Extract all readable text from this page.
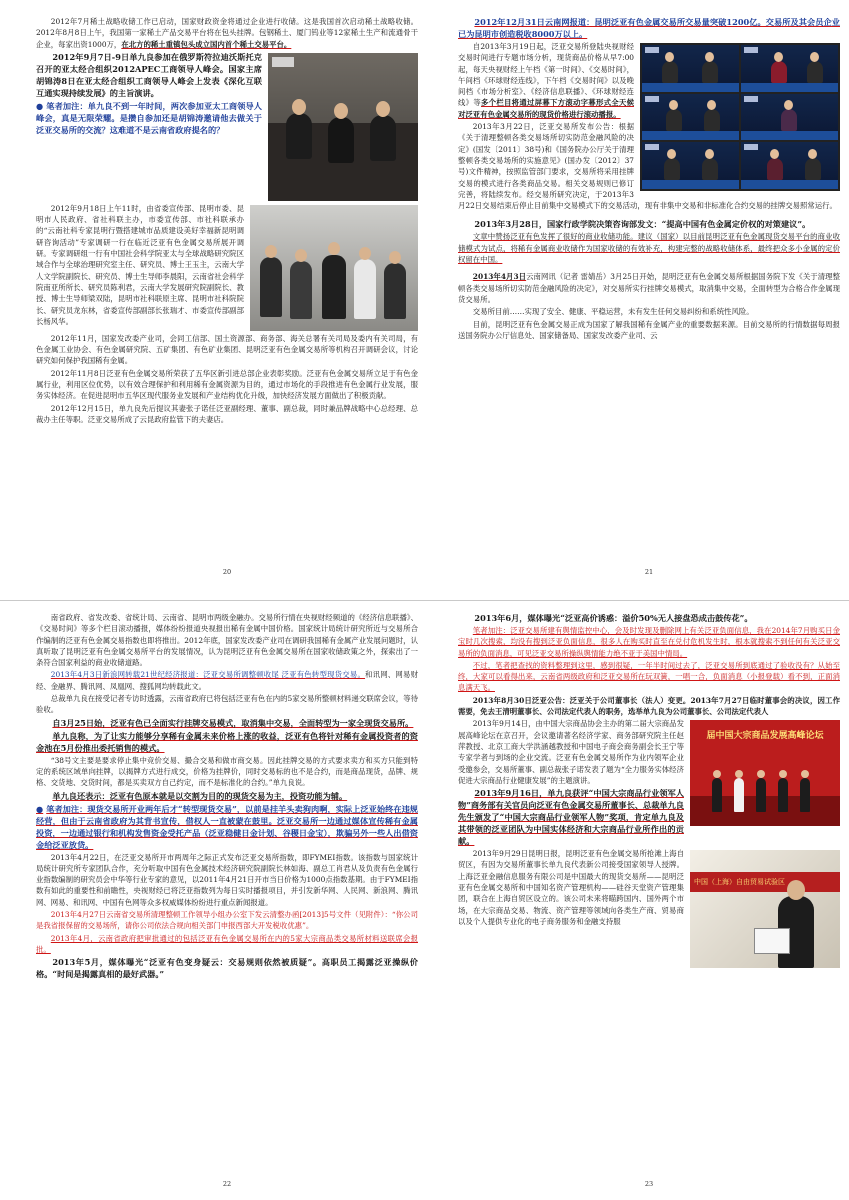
2012年7月稀土战略收储工作已启动，国家财政资金将通过企业进行收储。这是我国首次启动稀土战略收储。2012年8月8日上午，我国第一家稀土产品交易平台将在包头挂牌。包钢稀土、厦门钨业等12家稀土生产和流通骨干企业，每家出资1000万，在北方的稀土重镇包头成立国内首个稀土交易平台。

2012年9月7日-9日单九良参加在俄罗斯符拉迪沃斯托克召开的亚太经合组织2012APEC工商领导人峰会。国家主席胡锦涛8日在亚太经合组织工商领导人峰会上发表《深化互联互通实现持续发展》的主旨演讲。

● 笔者加注：单九良不到一年时间，两次参加亚太工商领导人峰会，真是无限荣耀。是攒自参加还是胡锦涛邀请他去做关于泛亚交易所的交流？这难道不是云南省政府提名的？

2012年9月18日上午11时，由省委宣传部、昆明市委、昆明市人民政府、省社科联主办，市委宣传部、市社科联承办的“云南社科专家昆明行暨搭建城市品质建设美好幸福新昆明调研咨询活动”专家调研一行在临近泛亚有色金属交易所展开调研。专家调研组一行有中国社会科学院亚太与全球战略研究院区域合作与全球治理研究室主任、研究员、博士王玉主，云南大学人文学院副院长、研究员、博士生导师李晨阳，云南省社会科学院南亚所所长、研究员陈利君，云南大学发展研究院副院长、教授、博士生导师梁双陆，昆明市社科联原主席、昆明市社科院院长、研究员龙东林，省委宣传部副部长张瑞才、市委宣传部副部长杨风华。

2012年11月，国家发改委产业司，会同工信部、国土资源部、商务部、海关总署有关司局及委内有关司局，有色金属工业协会、有色金属研究院、五矿集团、有色矿业集团、昆明泛亚有色金属交易所等机构召开调研会议，讨论研究如何保护我国稀有金属。

2012年11月8日泛亚有色金属交易所荣获了五华区新引进总部企业表彰奖励。泛亚有色金属交易所立足于有色金属行业，利用区位优势，以有效合理保护和利用稀有金属资源为目的，通过市场化的手段推进有色金属行业发展，服务实体经济。在促进昆明市五华区现代服务业发展和产业结构优化升级，加快经济发展方面做出了积极贡献。

2012年12月15日，单九良先后提议其妻张子诺任泛亚副经理、董事、副总裁，同时兼品牌战略中心总经理、总裁办主任等职。泛亚交易所成了云昆政府监管下的夫妻店。

20

2012年12月31日云南网报道：昆明泛亚有色金属交易所交易量突破1200亿。交易所及其会员企业已为昆明市创造税收8000万以上。

自2013年3月19日起，泛亚交易所登陆央视财经交易时间进行专题市场分析，现货商品价格从早7:00起，每天央视财经上午档《第一时间》、《交易时间》，午间档《环球财经连线》，下午档《交易时间》以及晚间档《市场分析室》、《经济信息联播》、《环球财经连线》等多个栏目将通过屏幕下方滚动字幕形式全天候对泛亚有色金属交易所的现货价格进行滚动播报。

2013年3月22日，泛亚交易所发布公告：根据《关于清理整顿各类交易场所切实防范金融风险的决定》(国发〔2011〕38号)和《国务院办公厅关于清理整顿各类交易场所的实施意见》(国办发〔2012〕37号)文件精神，按照监管部门要求，交易所将采用挂牌交易的模式进行各类商品交易。相关交易规则已修订完善，将陆续发布。经交易所研究决定，于2013年3月22日交易结束后停止目前集中交易模式下的交易活动，现有非集中交易和非标准化合约交易的挂牌交易照常运行。

2013年3月28日，国家行政学院决策咨询部发文：“提高中国有色金属定价权的对策建议”。

文章中赞扬泛亚有色发挥了很好的商业收储功能。建议（国家）以目前昆明泛亚有色金属现货交易平台的商业收储模式为试点，将稀有金属商业收储作为国家收储的有效补充，构建完整的战略收储体系，最终把众多小金属的定价权留在中国。

2013年4月3日云南网讯（记者 雷婧岳）3月25日开始，昆明泛亚有色金属交易所根据国务院下发《关于清理整顿各类交易场所切实防范金融风险的决定》，对交易所实行挂牌交易模式，取消集中交易，全面转型为合格合作金属现货交易所。

交易所目前……实现了安全、健康、平稳运营，未有发生任何交易纠纷和系统性风险。

目前，昆明泛亚有色金属交易正成为国家了解我国稀有金属产业的重要数据来源。目前交易所的行情数据每周报送国务院办公厅信息处、国家储备局、国家发改委产业司、云

21

南省政府、省发改委、省统计局、云南省、昆明市两级金融办。交易所行情在央视财经频道的《经济信息联播》、《交易时间》等多个栏目滚动播报，媒体纷纷报道央视报出稀有金属中国价格。国家统计局统计研究所近与交易所合作编制的泛亚有色金属交易指数也即将推出。2012年底，国家发改委产业司在调研我国稀有金属产业发展问题时，认真听取了昆明泛亚有色金属交易所平台的发展情况，认为昆明泛亚有色金属交易所在国家收储政策之外，探索出了一条符合国家利益的商业收储道路。

2013年4月3日新浪网转载21世纪经济报道：泛亚交易所调整顿收尾 泛亚有色转型现货交易。和讯网、网易财经、金融界、腾讯网、凤凰网、搜狐网均转载此文。

总裁单九良在接受记者专访时透露，云南省政府已将包括泛亚有色在内的5家交易所整顿材料递交联席会议，等待验收。

自3月25日始，泛亚有色已全面实行挂牌交易模式，取消集中交易，全面转型为一家全现货交易所。

单九良称，为了让实力能够分享稀有金属未来价格上涨的收益，泛亚有色将针对稀有金属投资者的资金池在5月份推出委托销售的模式。

“38号文主要是要求停止集中竞价交易、撮合交易和做市商交易。因此挂牌交易的方式要求卖方和买方只能到特定的系统区域单向挂牌，以揭牌方式进行成交，价格为挂牌价，同时交易标的也不是合约，而是商品现货，品牌、规格、交货地、交货时间，都是买卖双方自己约定，而不是标准化的合约。”单九良说。

单九良还表示：泛亚有色原本就是以交割为目的的现货交易为主，投资功能为辅。

● 笔者加注：现货交易所开业两年后才“转型现货交易”，以前是挂羊头卖狗肉啊，实际上泛亚始终在违规经营，但由于云南省政府为其背书宣传，借权人一直被蒙在鼓里。泛亚交易所一边通过媒体宣传稀有金属投资，一边通过银行和机构发售资金受托产品（泛亚稳健日金计划、谷稷日金宝），欺骗另外一些人出借资金给泛亚放贷。

2013年4月22日，在泛亚交易所开市两周年之际正式发布泛亚交易所指数，即FYMEI指数。该指数与国家统计局统计研究所专家团队合作，充分听取中国有色金属技术经济研究院副院长林如海、副总工肖君从及负责有色金属行业指数编制的研究员会中华等行业专家的意见，以2011年4月21日开市当日价格为1000点指数基期。由于FYMEI指数有如此的重要性和前瞻性，央视财经已将泛亚指数列为每日实时播报项目，并引发新华网、人民网、新浪网、腾讯网、网易、和讯网、中国有色网等众多权威媒体纷纷进行重点新闻报道。

2013年4月27日云南省交易所清理整顿工作领导小组办公室下发云清整办函[2013]5号文件（见附件）：“你公司是我省报保留的交易场所，请你公司依法合规向相关部门申报西部大开发税收优惠”。

2013年4月，云南省政府把审批通过的包括泛亚有色金属交易所在内的5家大宗商品类交易所材料送联席会报批。

2013年5月，媒体曝光“泛亚有色变身疑云：交易规则依然被质疑”。高职员工揭露泛亚操纵价格。“时间是揭露真相的最好武器。”

22

2013年6月，媒体曝光“泛亚高价诱惑：溢价50%无人接盘恐成击鼓传花”。

笔者加注：泛亚交易所建有舆情监控中心，会及时发现及删除网上有关泛亚负面信息，我在2014年7月购买日金宝时几次搜索，均没有搜到泛亚负面信息，很多人在购买时直至在兑付危机发生时，根本就搜索不到任何有关泛亚交易所的负面消息，可见泛亚交易所操纵舆情能力绝不亚于美国中情局。

不过，笔者把查找的资料整理到这里，感到很疑，一年半时间过去了，泛亚交易所到底通过了验收没有？从始至终，大家可以看得出来，云南省两级政府和泛亚交易所在玩双簧，一唱一合，负面消息（小报登载）看不到，正面消息满天飞。

2013年8月30日泛亚公告：泛亚关于公司董事长（法人）变更。2013年7月27日临时董事会的决议，因工作需要，免去王清明董事长、公司法定代表人的职务，选举单九良为公司董事长、公司法定代表人

届中国大宗商品发展高峰论坛

2013年9月14日，由中国大宗商品协会主办的第二届大宗商品发展高峰论坛在京召开，会议邀请著名经济学家、商务部研究院主任赵萍教授、北京工商大学洪涵越教授和中国电子商会商务副会长王宁等专家学者与到场的企业交流。泛亚有色金属交易所作为业内领军企业受邀参会，交易所董事、副总裁张子诺发表了题为“全力服务实体经济促进大宗商品行业健康发展”的主题演讲。

2013年9月16日，单九良获评“中国大宗商品行业领军人物”商务部有关官员向泛亚有色金属交易所董事长、总裁单九良先生颁发了“中国大宗商品行业领军人物”奖项，肯定单九良及其带领的泛亚团队为中国实体经济和大宗商品行业所作出的贡献。

中国（上海）自由贸易试验区

2013年9月29日昆明日报，昆明泛亚有色金属交易所抢滩上海自贸区，有因为交易所董事长单九良代表新公司接受国家领导人授牌。上海泛亚金融信息服务有限公司是中国最大的现货交易所——昆明泛亚有色金属交易所和中国知名资产管理机构——硅谷天堂资产管理集团，联合在上海自贸区设立的。该公司未来将瞄跨国内、国外两个市场，在大宗商品交易、物流、资产管理等领域向各类生产商、贸易商以及个人提供专业化的电子商务服务和金融支持服

23
